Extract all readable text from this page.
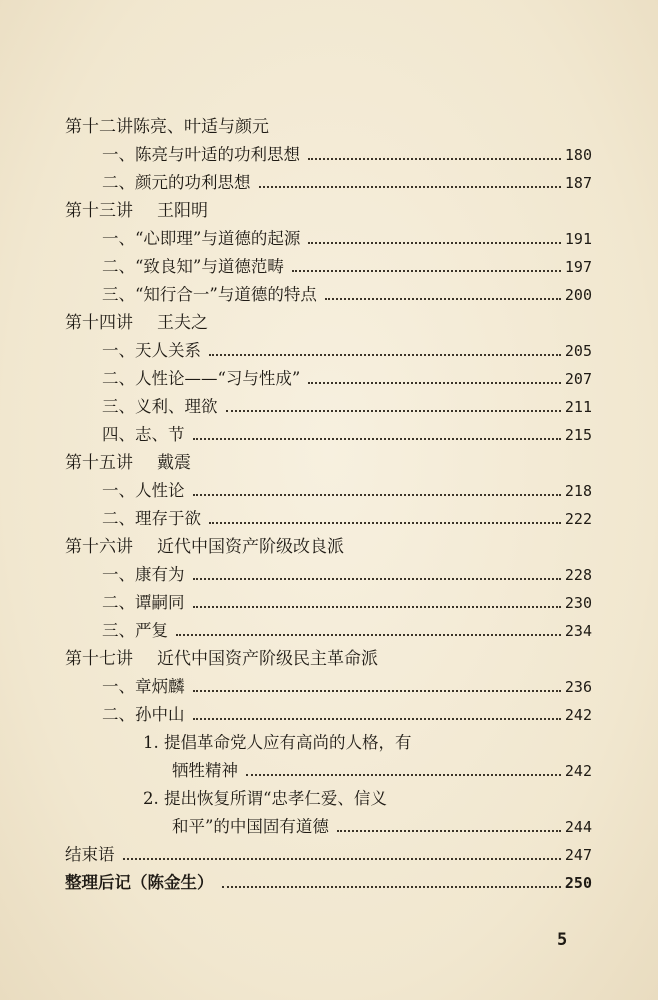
第十二讲 陈亮、叶适与颜元
一、陈亮与叶适的功利思想	180
二、颜元的功利思想	187
第十三讲	王阳明
一、“心即理”与道德的起源	191
二、“致良知”与道德范畴	197
三、“知行合一”与道德的特点	200
第十四讲	王夫之
一、天人关系	205
二、人性论——“习与性成”	207
三、义利、理欲	211
四、志、节	215
第十五讲	戴震
一、人性论	218
二、理存于欲	222
第十六讲	近代中国资产阶级改良派
一、康有为	228
二、谭嗣同	230
三、严复	234
第十七讲	近代中国资产阶级民主革命派
一、章炳麟	236
二、孙中山	242
1. 提倡革命党人应有高尚的人格，有
牺牲精神	242
2. 提出恢复所谓“忠孝仁爱、信义
和平”的中国固有道德	244
结束语	247
整理后记（陈金生）	250
5
